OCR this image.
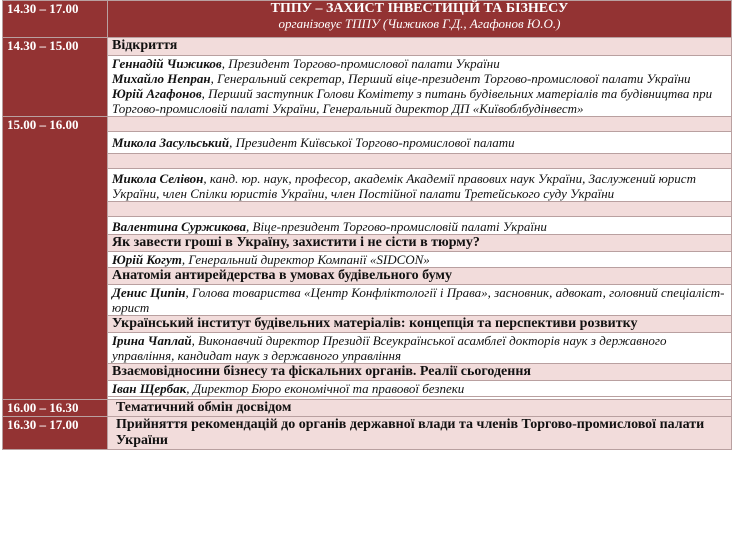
14.30 – 17.00	ТППУ – ЗАХИСТ ІНВЕСТИЦІЙ ТА БІЗНЕСУ
організовує ТППУ (Чижиков Г.Д., Агафонов Ю.О.)

14.30 – 15.00	Відкриття

	Геннадій Чижиков, Президент Торгово-промислової палати України

Михайло Непран, Генеральний секретар, Перший віце-президент Торгово-промислової палати України

Юрій Агафонов, Перший заступник Голови Комітету з питань будівельних матеріалів та будівництва при Торгово-промисловій палаті України, Генеральний директор ДП «Київоблбудінвест»

15.00 – 16.00	
	Микола Засульський, Президент Київської Торгово-промислової палати

	Микола Селівон, канд. юр. наук, професор, академік Академії правових наук України, Заслужений юрист України, член Спілки юристів України, член Постійної палати Третейського суду України

	Валентина Суржикова, Віце-президент Торгово-промисловій палаті України
	Як завести гроші в Україну, захистити і не сісти в тюрму?
	Юрій Когут, Генеральний директор Компанії «SIDCON»
	Анатомія антирейдерства в умовах будівельного буму
	Денис Ципін, Голова товариства «Центр Конфліктології і Права», засновник, адвокат, головний спеціаліст-юрист
	Український інститут будівельних матеріалів: концепція та перспективи розвитку
	Ірина Чаплай, Виконавчий директор Президії Всеукраїнської асамблеї докторів наук з державного управління, кандидат наук з державного управління
	Взаємовідносини бізнесу та фіскальних органів. Реалії сьогодення
	Іван Щербак, Директор Бюро економічної та правової безпеки

16.00 – 16.30	Тематичний обмін досвідом
16.30 – 17.00	Прийняття рекомендацій до органів державної влади та членів Торгово-промислової палати України
